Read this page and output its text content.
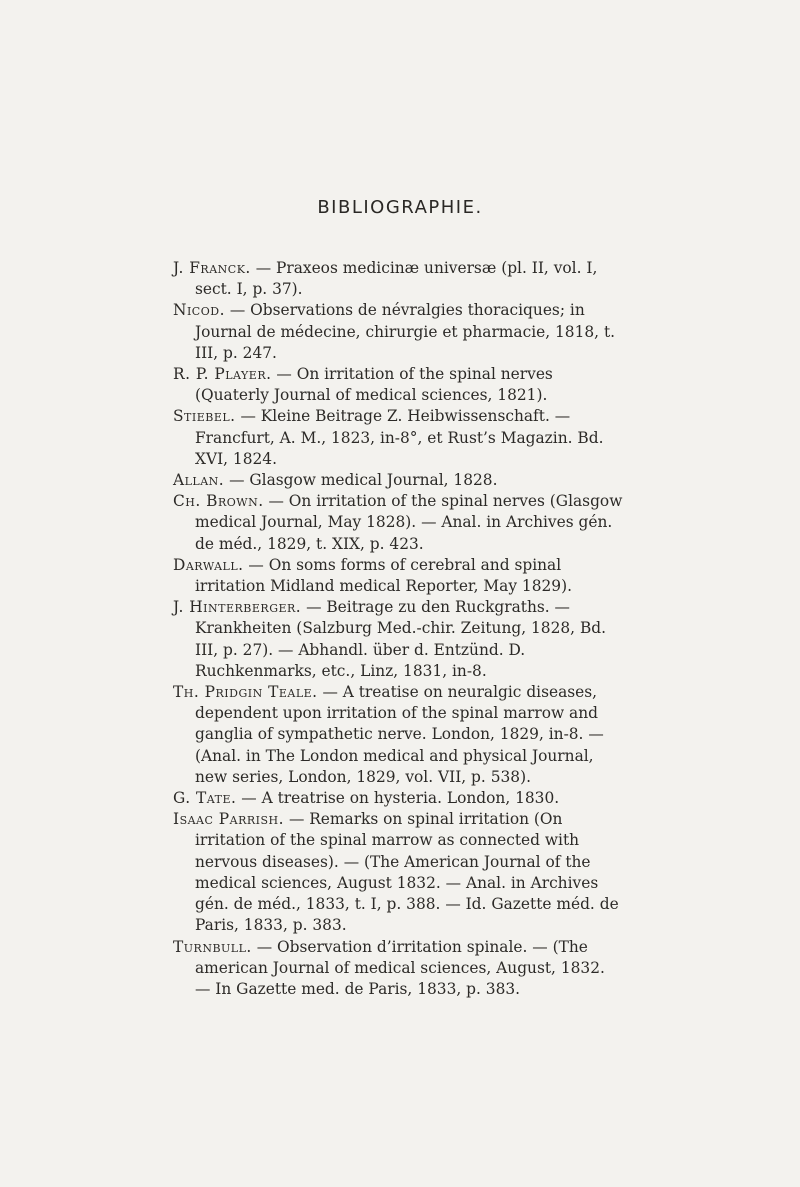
BIBLIOGRAPHIE.

J. Franck. — Praxeos medicinæ universæ (pl. II, vol. I, sect. I, p. 37).

Nicod. — Observations de névralgies thoraciques; in Journal de médecine, chirurgie et pharmacie, 1818, t. III, p. 247.

R. P. Player. — On irritation of the spinal nerves (Quaterly Journal of medical sciences, 1821).

Stiebel. — Kleine Beitrage Z. Heibwissenschaft. — Francfurt, A. M., 1823, in-8°, et Rust’s Magazin. Bd. XVI, 1824.

Allan. — Glasgow medical Journal, 1828.

Ch. Brown. — On irritation of the spinal nerves (Glasgow medical Journal, May 1828). — Anal. in Archives gén. de méd., 1829, t. XIX, p. 423.

Darwall. — On soms forms of cerebral and spinal irritation Midland medical Reporter, May 1829).

J. Hinterberger. — Beitrage zu den Ruckgraths. — Krankheiten (Salzburg Med.-chir. Zeitung, 1828, Bd. III, p. 27). — Abhandl. über d. Entzünd. D. Ruchkenmarks, etc., Linz, 1831, in-8.

Th. Pridgin Teale. — A treatise on neuralgic diseases, dependent upon irritation of the spinal marrow and ganglia of sympathetic nerve. London, 1829, in-8. — (Anal. in The London medical and physical Journal, new series, London, 1829, vol. VII, p. 538).

G. Tate. — A treatrise on hysteria. London, 1830.

Isaac Parrish. — Remarks on spinal irritation (On irritation of the spinal marrow as connected with nervous diseases). — (The American Journal of the medical sciences, August 1832. — Anal. in Archives gén. de méd., 1833, t. I, p. 388. — Id. Gazette méd. de Paris, 1833, p. 383.

Turnbull. — Observation d’irritation spinale. — (The american Journal of medical sciences, August, 1832. — In Gazette med. de Paris, 1833, p. 383.
